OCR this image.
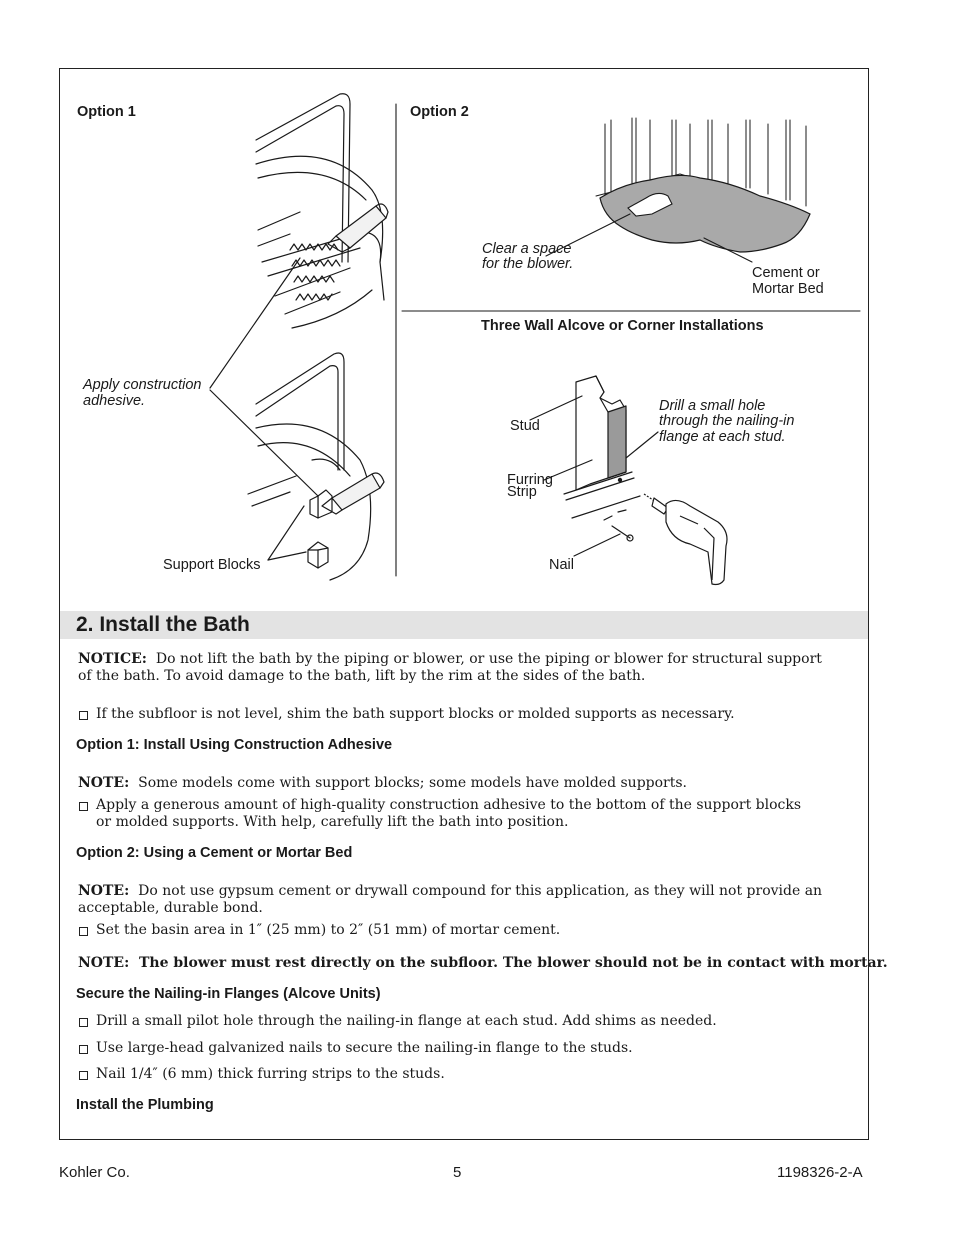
Option 1	Option 2
Apply construction
adhesive.
Support Blocks
Clear a space
for the blower.
Cement or
Mortar Bed
Three Wall Alcove or Corner Installations
Stud
Furring
Strip
Drill a small hole
through the nailing-in
flange at each stud.
Nail
2. Install the Bath
NOTICE: Do not lift the bath by the piping or blower, or use the piping or blower for structural support
of the bath. To avoid damage to the bath, lift by the rim at the sides of the bath.
If the subfloor is not level, shim the bath support blocks or molded supports as necessary.
Option 1: Install Using Construction Adhesive
NOTE: Some models come with support blocks; some models have molded supports.
Apply a generous amount of high-quality construction adhesive to the bottom of the support blocks
or molded supports. With help, carefully lift the bath into position.
Option 2: Using a Cement or Mortar Bed
NOTE: Do not use gypsum cement or drywall compound for this application, as they will not provide an
acceptable, durable bond.
Set the basin area in 1″ (25 mm) to 2″ (51 mm) of mortar cement.
NOTE: The blower must rest directly on the subfloor. The blower should not be in contact with mortar.
Secure the Nailing-in Flanges (Alcove Units)
Drill a small pilot hole through the nailing-in flange at each stud. Add shims as needed.
Use large-head galvanized nails to secure the nailing-in flange to the studs.
Nail 1/4″ (6 mm) thick furring strips to the studs.
Install the Plumbing
Kohler Co.	5	1198326-2-A
